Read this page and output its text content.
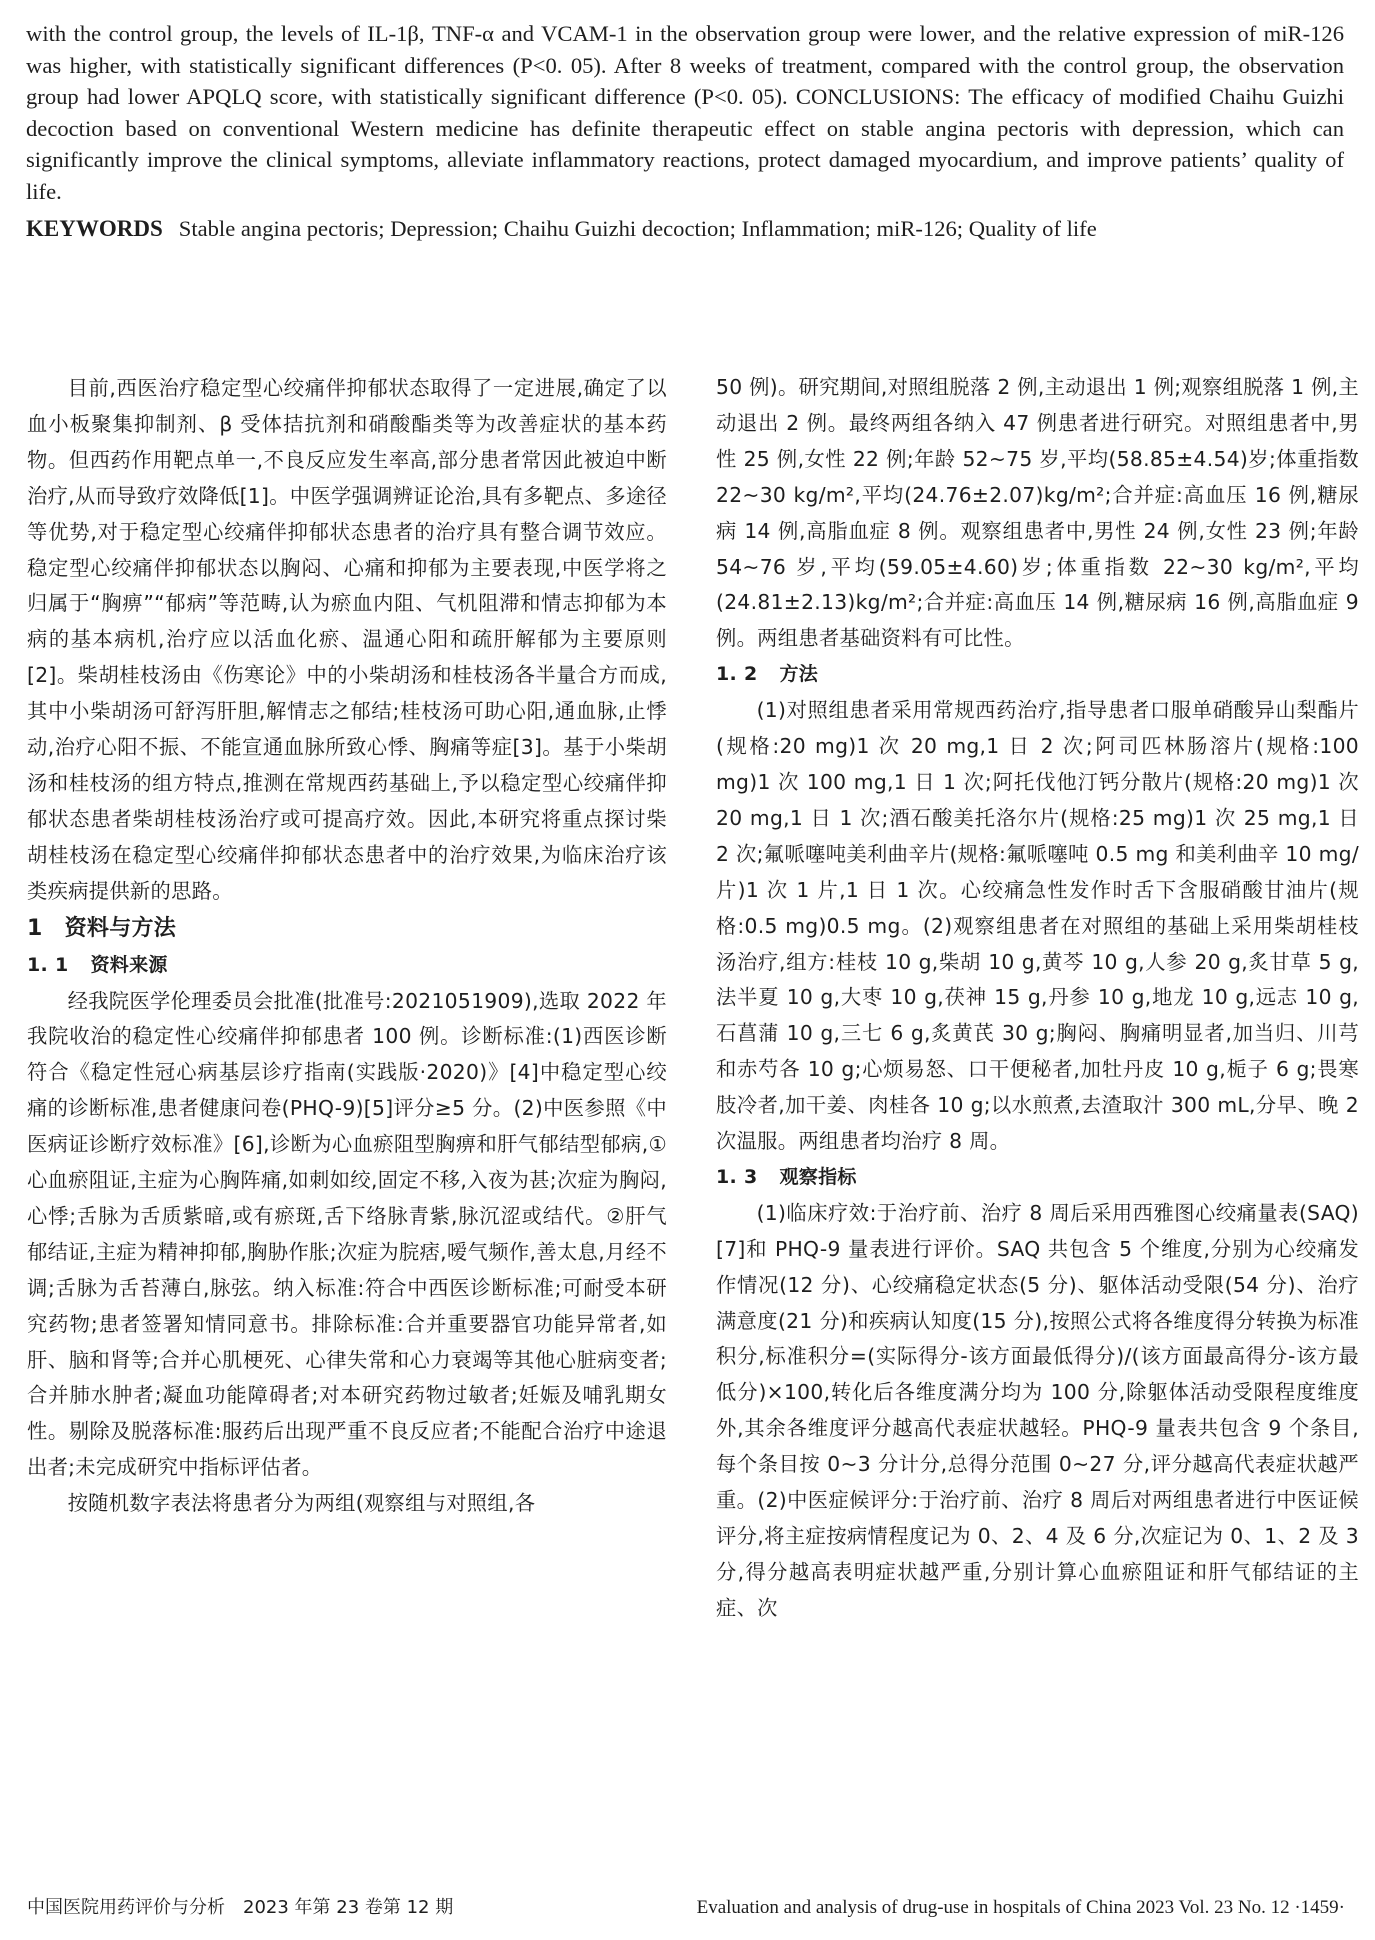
with the control group, the levels of IL-1β, TNF-α and VCAM-1 in the observation group were lower, and the relative expression of miR-126 was higher, with statistically significant differences (P<0. 05). After 8 weeks of treatment, compared with the control group, the observation group had lower APQLQ score, with statistically significant difference (P<0. 05). CONCLUSIONS: The efficacy of modified Chaihu Guizhi decoction based on conventional Western medicine has definite therapeutic effect on stable angina pectoris with depression, which can significantly improve the clinical symptoms, alleviate inflammatory reactions, protect damaged myocardium, and improve patients’ quality of life.

KEYWORDS Stable angina pectoris; Depression; Chaihu Guizhi decoction; Inflammation; miR-126; Quality of life

目前,西医治疗稳定型心绞痛伴抑郁状态取得了一定进展,确定了以血小板聚集抑制剂、β 受体拮抗剂和硝酸酯类等为改善症状的基本药物。但西药作用靶点单一,不良反应发生率高,部分患者常因此被迫中断治疗,从而导致疗效降低[1]。中医学强调辨证论治,具有多靶点、多途径等优势,对于稳定型心绞痛伴抑郁状态患者的治疗具有整合调节效应。稳定型心绞痛伴抑郁状态以胸闷、心痛和抑郁为主要表现,中医学将之归属于“胸痹”“郁病”等范畴,认为瘀血内阻、气机阻滞和情志抑郁为本病的基本病机,治疗应以活血化瘀、温通心阳和疏肝解郁为主要原则[2]。柴胡桂枝汤由《伤寒论》中的小柴胡汤和桂枝汤各半量合方而成,其中小柴胡汤可舒泻肝胆,解情志之郁结;桂枝汤可助心阳,通血脉,止悸动,治疗心阳不振、不能宣通血脉所致心悸、胸痛等症[3]。基于小柴胡汤和桂枝汤的组方特点,推测在常规西药基础上,予以稳定型心绞痛伴抑郁状态患者柴胡桂枝汤治疗或可提高疗效。因此,本研究将重点探讨柴胡桂枝汤在稳定型心绞痛伴抑郁状态患者中的治疗效果,为临床治疗该类疾病提供新的思路。

1 资料与方法
1. 1 资料来源

经我院医学伦理委员会批准(批准号:2021051909),选取 2022 年我院收治的稳定性心绞痛伴抑郁患者 100 例。诊断标准:(1)西医诊断符合《稳定性冠心病基层诊疗指南(实践版·2020)》[4]中稳定型心绞痛的诊断标准,患者健康问卷(PHQ-9)[5]评分≥5 分。(2)中医参照《中医病证诊断疗效标准》[6],诊断为心血瘀阻型胸痹和肝气郁结型郁病,①心血瘀阻证,主症为心胸阵痛,如刺如绞,固定不移,入夜为甚;次症为胸闷,心悸;舌脉为舌质紫暗,或有瘀斑,舌下络脉青紫,脉沉涩或结代。②肝气郁结证,主症为精神抑郁,胸胁作胀;次症为脘痞,嗳气频作,善太息,月经不调;舌脉为舌苔薄白,脉弦。纳入标准:符合中西医诊断标准;可耐受本研究药物;患者签署知情同意书。排除标准:合并重要器官功能异常者,如肝、脑和肾等;合并心肌梗死、心律失常和心力衰竭等其他心脏病变者;合并肺水肿者;凝血功能障碍者;对本研究药物过敏者;妊娠及哺乳期女性。剔除及脱落标准:服药后出现严重不良反应者;不能配合治疗中途退出者;未完成研究中指标评估者。

按随机数字表法将患者分为两组(观察组与对照组,各

50 例)。研究期间,对照组脱落 2 例,主动退出 1 例;观察组脱落 1 例,主动退出 2 例。最终两组各纳入 47 例患者进行研究。对照组患者中,男性 25 例,女性 22 例;年龄 52~75 岁,平均(58.85±4.54)岁;体重指数 22~30 kg/m²,平均(24.76±2.07)kg/m²;合并症:高血压 16 例,糖尿病 14 例,高脂血症 8 例。观察组患者中,男性 24 例,女性 23 例;年龄 54~76 岁,平均(59.05±4.60)岁;体重指数 22~30 kg/m²,平均(24.81±2.13)kg/m²;合并症:高血压 14 例,糖尿病 16 例,高脂血症 9 例。两组患者基础资料有可比性。

1. 2 方法

(1)对照组患者采用常规西药治疗,指导患者口服单硝酸异山梨酯片(规格:20 mg)1 次 20 mg,1 日 2 次;阿司匹林肠溶片(规格:100 mg)1 次 100 mg,1 日 1 次;阿托伐他汀钙分散片(规格:20 mg)1 次 20 mg,1 日 1 次;酒石酸美托洛尔片(规格:25 mg)1 次 25 mg,1 日 2 次;氟哌噻吨美利曲辛片(规格:氟哌噻吨 0.5 mg 和美利曲辛 10 mg/片)1 次 1 片,1 日 1 次。心绞痛急性发作时舌下含服硝酸甘油片(规格:0.5 mg)0.5 mg。(2)观察组患者在对照组的基础上采用柴胡桂枝汤治疗,组方:桂枝 10 g,柴胡 10 g,黄芩 10 g,人参 20 g,炙甘草 5 g,法半夏 10 g,大枣 10 g,茯神 15 g,丹参 10 g,地龙 10 g,远志 10 g,石菖蒲 10 g,三七 6 g,炙黄芪 30 g;胸闷、胸痛明显者,加当归、川芎和赤芍各 10 g;心烦易怒、口干便秘者,加牡丹皮 10 g,栀子 6 g;畏寒肢冷者,加干姜、肉桂各 10 g;以水煎煮,去渣取汁 300 mL,分早、晚 2 次温服。两组患者均治疗 8 周。

1. 3 观察指标

(1)临床疗效:于治疗前、治疗 8 周后采用西雅图心绞痛量表(SAQ)[7]和 PHQ-9 量表进行评价。SAQ 共包含 5 个维度,分别为心绞痛发作情况(12 分)、心绞痛稳定状态(5 分)、躯体活动受限(54 分)、治疗满意度(21 分)和疾病认知度(15 分),按照公式将各维度得分转换为标准积分,标准积分=(实际得分-该方面最低得分)/(该方面最高得分-该方最低分)×100,转化后各维度满分均为 100 分,除躯体活动受限程度维度外,其余各维度评分越高代表症状越轻。PHQ-9 量表共包含 9 个条目,每个条目按 0~3 分计分,总得分范围 0~27 分,评分越高代表症状越严重。(2)中医症候评分:于治疗前、治疗 8 周后对两组患者进行中医证候评分,将主症按病情程度记为 0、2、4 及 6 分,次症记为 0、1、2 及 3 分,得分越高表明症状越严重,分别计算心血瘀阻证和肝气郁结证的主症、次

中国医院用药评价与分析　2023 年第 23 卷第 12 期	Evaluation and analysis of drug-use in hospitals of China 2023 Vol. 23 No. 12 ·1459·
